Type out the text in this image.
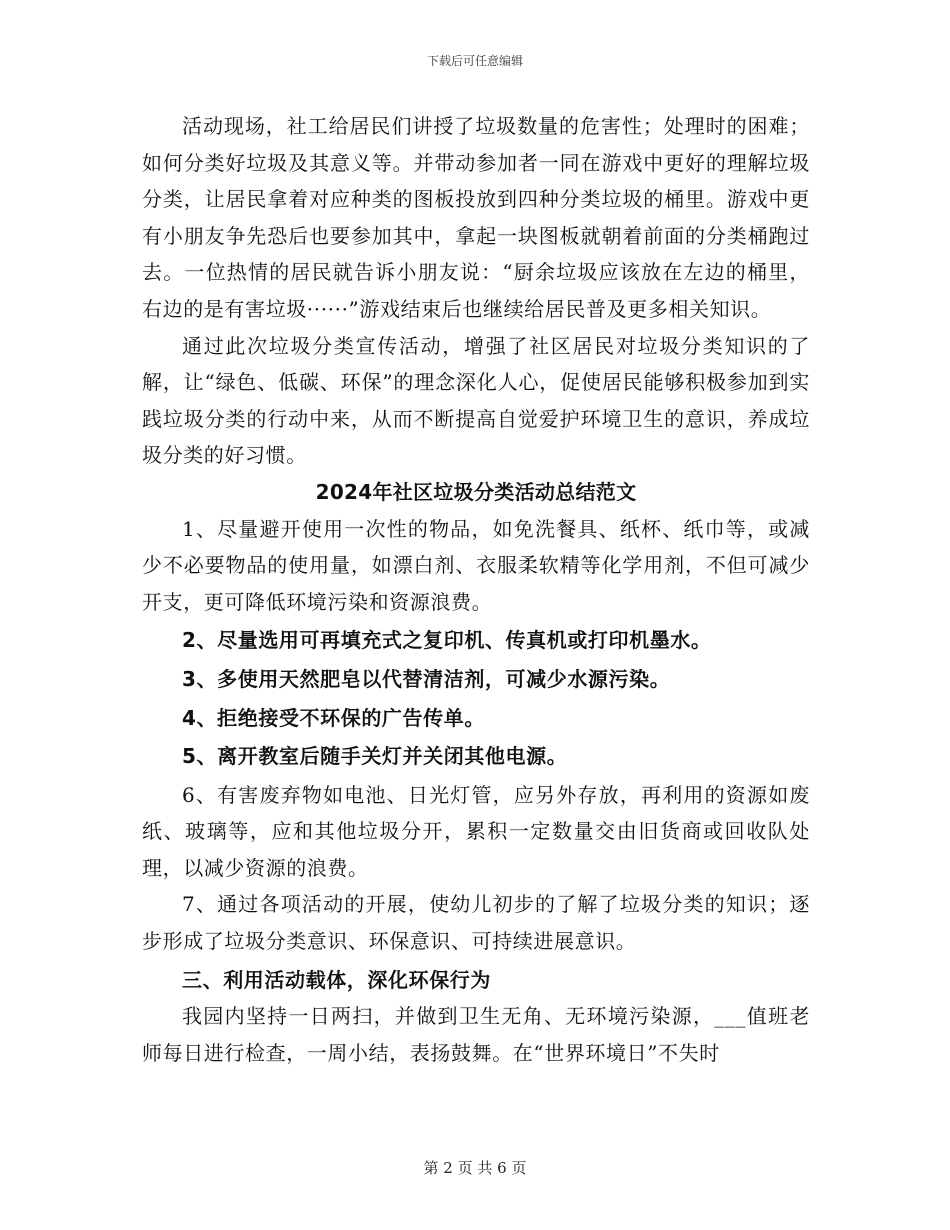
下载后可任意编辑

活动现场，社工给居民们讲授了垃圾数量的危害性；处理时的困难；如何分类好垃圾及其意义等。并带动参加者一同在游戏中更好的理解垃圾分类，让居民拿着对应种类的图板投放到四种分类垃圾的桶里。游戏中更有小朋友争先恐后也要参加其中，拿起一块图板就朝着前面的分类桶跑过去。一位热情的居民就告诉小朋友说：“厨余垃圾应该放在左边的桶里，右边的是有害垃圾······”游戏结束后也继续给居民普及更多相关知识。

通过此次垃圾分类宣传活动，增强了社区居民对垃圾分类知识的了解，让“绿色、低碳、环保”的理念深化人心，促使居民能够积极参加到实践垃圾分类的行动中来，从而不断提高自觉爱护环境卫生的意识，养成垃圾分类的好习惯。

2024年社区垃圾分类活动总结范文

1、尽量避开使用一次性的物品，如免洗餐具、纸杯、纸巾等，或减少不必要物品的使用量，如漂白剂、衣服柔软精等化学用剂，不但可减少开支，更可降低环境污染和资源浪费。

2、尽量选用可再填充式之复印机、传真机或打印机墨水。

3、多使用天然肥皂以代替清洁剂，可减少水源污染。

4、拒绝接受不环保的广告传单。

5、离开教室后随手关灯并关闭其他电源。

6、有害废弃物如电池、日光灯管，应另外存放，再利用的资源如废纸、玻璃等，应和其他垃圾分开，累积一定数量交由旧货商或回收队处理，以减少资源的浪费。

7、通过各项活动的开展，使幼儿初步的了解了垃圾分类的知识；逐步形成了垃圾分类意识、环保意识、可持续进展意识。

三、利用活动载体，深化环保行为

我园内坚持一日两扫，并做到卫生无角、无环境污染源，___值班老师每日进行检查，一周小结，表扬鼓舞。在“世界环境日”不失时

第 2 页 共 6 页
